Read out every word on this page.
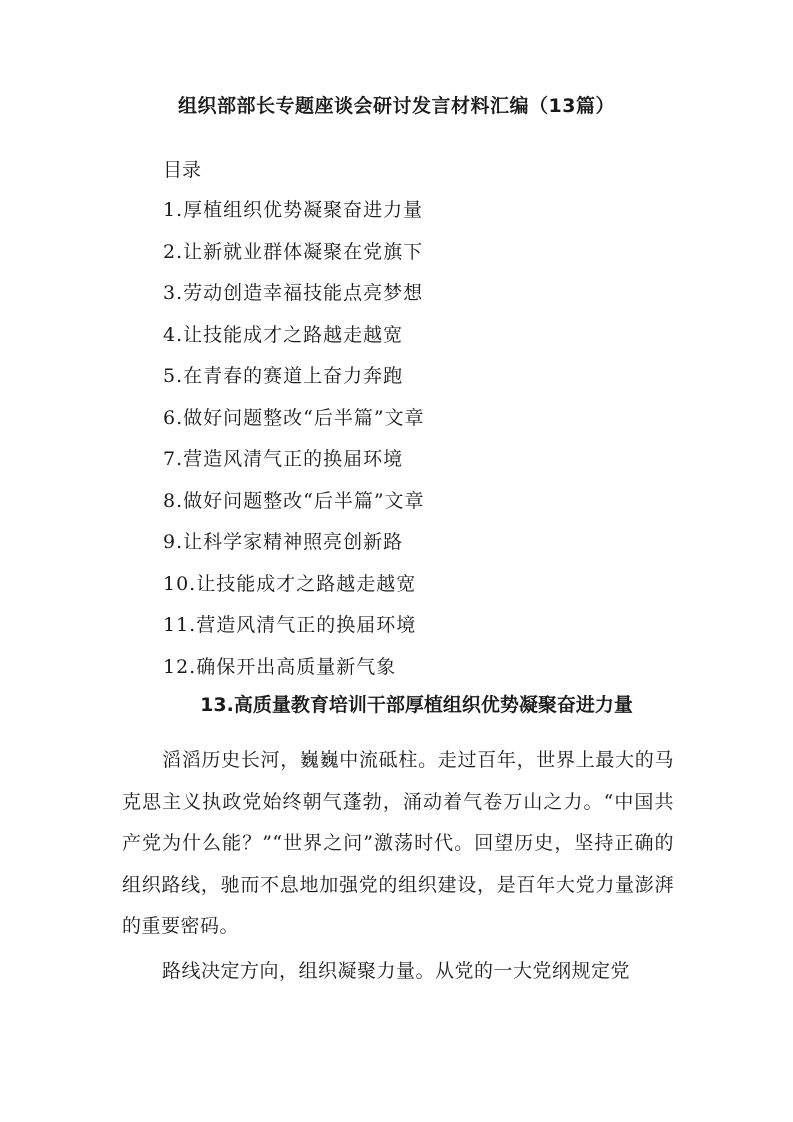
组织部部长专题座谈会研讨发言材料汇编（13篇）
目录
1.厚植组织优势凝聚奋进力量
2.让新就业群体凝聚在党旗下
3.劳动创造幸福技能点亮梦想
4.让技能成才之路越走越宽
5.在青春的赛道上奋力奔跑
6.做好问题整改“后半篇”文章
7.营造风清气正的换届环境
8.做好问题整改“后半篇”文章
9.让科学家精神照亮创新路
10.让技能成才之路越走越宽
11.营造风清气正的换届环境
12.确保开出高质量新气象
13.高质量教育培训干部厚植组织优势凝聚奋进力量

滔滔历史长河，巍巍中流砥柱。走过百年，世界上最大的马克思主义执政党始终朝气蓬勃，涌动着气卷万山之力。“中国共产党为什么能？”“世界之问”激荡时代。回望历史，坚持正确的组织路线，驰而不息地加强党的组织建设，是百年大党力量澎湃的重要密码。

路线决定方向，组织凝聚力量。从党的一大党纲规定党
